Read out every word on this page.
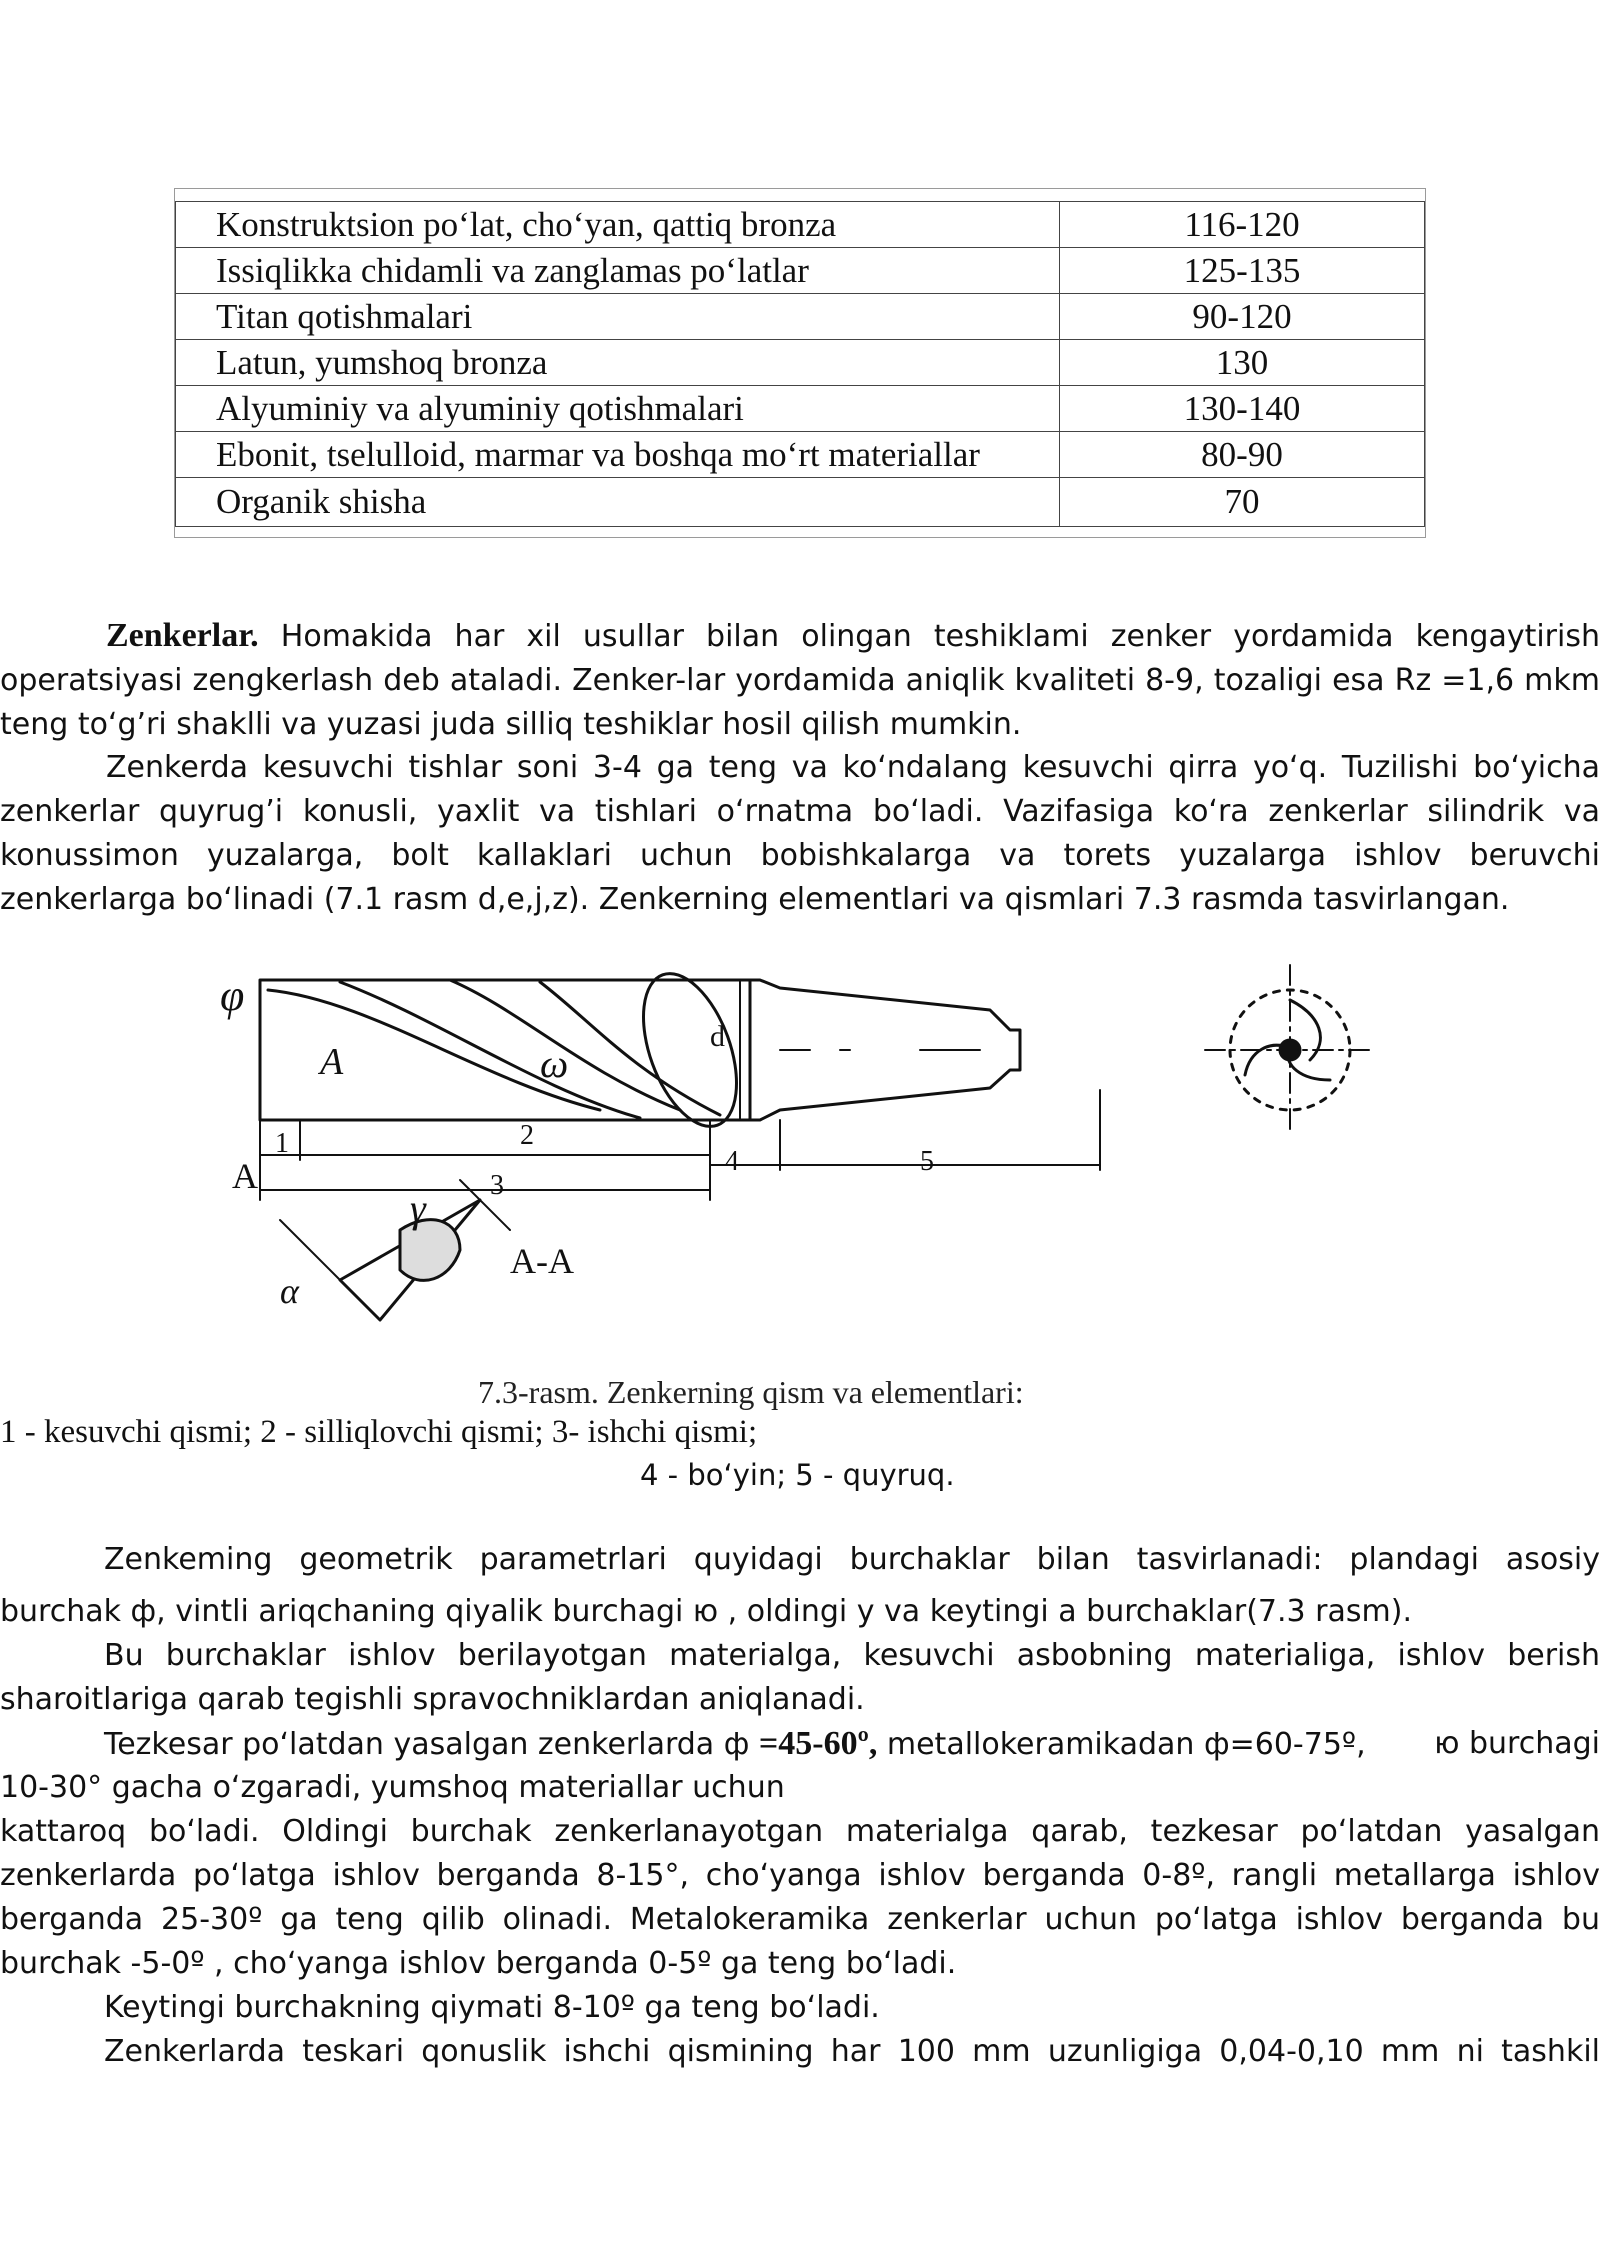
Konstruktsion po‘lat, cho‘yan, qattiq bronza	116-120
Issiqlikka chidamli va zanglamas po‘latlar	125-135
Titan qotishmalari	90-120
Latun, yumshoq bronza	130
Alyuminiy va alyuminiy qotishmalari	130-140
Ebonit, tselulloid, marmar va boshqa mo‘rt materiallar	80-90
Organik shisha	70

Zenkerlar. Homakida har xil usullar bilan olingan teshiklami zenker yordamida kengaytirish operatsiyasi zengkerlash deb ataladi. Zenker-lar yordamida aniqlik kvaliteti 8-9, tozaligi esa Rz =1,6 mkm teng to‘g’ri shaklli va yuzasi juda silliq teshiklar hosil qilish mumkin.

Zenkerda kesuvchi tishlar soni 3-4 ga teng va ko‘ndalang kesuvchi qirra yo‘q. Tuzilishi bo‘yicha zenkerlar quyrug’i konusli, yaxlit va tishlari o‘rnatma bo‘ladi. Vazifasiga ko‘ra zenkerlar silindrik va konussimon yuzalarga, bolt kallaklari uchun bobishkalarga va torets yuzalarga ishlov beruvchi zenkerlarga bo‘linadi (7.1 rasm d,e,j,z). Zenkerning elementlari va qismlari 7.3 rasmda tasvirlangan.

φ
A	ω
d
1	2
3
4	5
A
γ
α
A-A
7.3-rasm. Zenkerning qism va elementlari:
1 - kesuvchi qismi; 2 - silliqlovchi qismi; 3- ishchi qismi;
4 - bo‘yin; 5 - quyruq.

Zenkeming geometrik parametrlari quyidagi burchaklar bilan tasvirlanadi: plandagi asosiy

burchak ф, vintli ariqchaning qiyalik burchagi ю , oldingi у va keytingi a burchaklar(7.3 rasm).

Bu burchaklar ishlov berilayotgan materialga, kesuvchi asbobning materialiga, ishlov berish sharoitlariga qarab tegishli spravochniklardan aniqlanadi.

Tezkesar po‘latdan yasalgan zenkerlarda ф =45-60º, metallokeramikadan ф=60-75º, ю burchagi

10-30° gacha o‘zgaradi, yumshoq materiallar uchun

kattaroq bo‘ladi. Oldingi burchak zenkerlanayotgan materialga qarab, tezkesar po‘latdan yasalgan zenkerlarda po‘latga ishlov berganda 8-15°, cho‘yanga ishlov berganda 0-8º, rangli metallarga ishlov berganda 25-30º ga teng qilib olinadi. Metalokeramika zenkerlar uchun po‘latga ishlov berganda bu burchak -5-0º , cho‘yanga ishlov berganda 0-5º ga teng bo‘ladi.

Keytingi burchakning qiymati 8-10º ga teng bo‘ladi.

Zenkerlarda teskari qonuslik ishchi qismining har 100 mm uzunligiga 0,04-0,10 mm ni tashkil
